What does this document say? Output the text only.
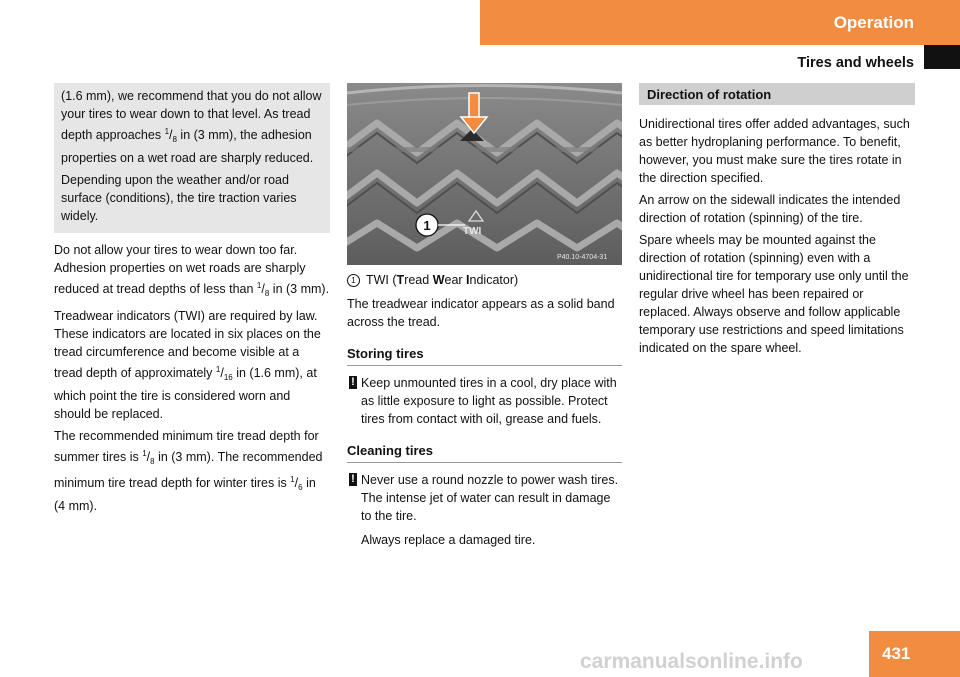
Operation
Tires and wheels

(1.6 mm), we recommend that you do not allow your tires to wear down to that level. As tread depth approaches $^1/_8$ in (3 mm), the adhesion properties on a wet road are sharply reduced.

Depending upon the weather and/or road surface (conditions), the tire traction varies widely.

Do not allow your tires to wear down too far. Adhesion properties on wet roads are sharply reduced at tread depths of less than $^1/_8$ in (3 mm).

Treadwear indicators (TWI) are required by law. These indicators are located in six places on the tread circumference and become visible at a tread depth of approximately $^1/_{16}$ in (1.6 mm), at which point the tire is considered worn and should be replaced.

The recommended minimum tire tread depth for summer tires is $^1/_8$ in (3 mm). The recommended minimum tire tread depth for winter tires is $^1/_6$ in (4 mm).

1	TWI
P40.10-4704-31
1 TWI (Tread Wear Indicator)

The treadwear indicator appears as a solid band across the tread.

Storing tires
! Keep unmounted tires in a cool, dry place with as little exposure to light as possible. Protect tires from contact with oil, grease and fuels.
Cleaning tires
! Never use a round nozzle to power wash tires. The intense jet of water can result in damage to the tire.

Always replace a damaged tire.

Direction of rotation

Unidirectional tires offer added advantages, such as better hydroplaning performance. To benefit, however, you must make sure the tires rotate in the direction specified.

An arrow on the sidewall indicates the intended direction of rotation (spinning) of the tire.

Spare wheels may be mounted against the direction of rotation (spinning) even with a unidirectional tire for temporary use only until the regular drive wheel has been repaired or replaced. Always observe and follow applicable temporary use restrictions and speed limitations indicated on the spare wheel.

carmanualsonline.info	431
